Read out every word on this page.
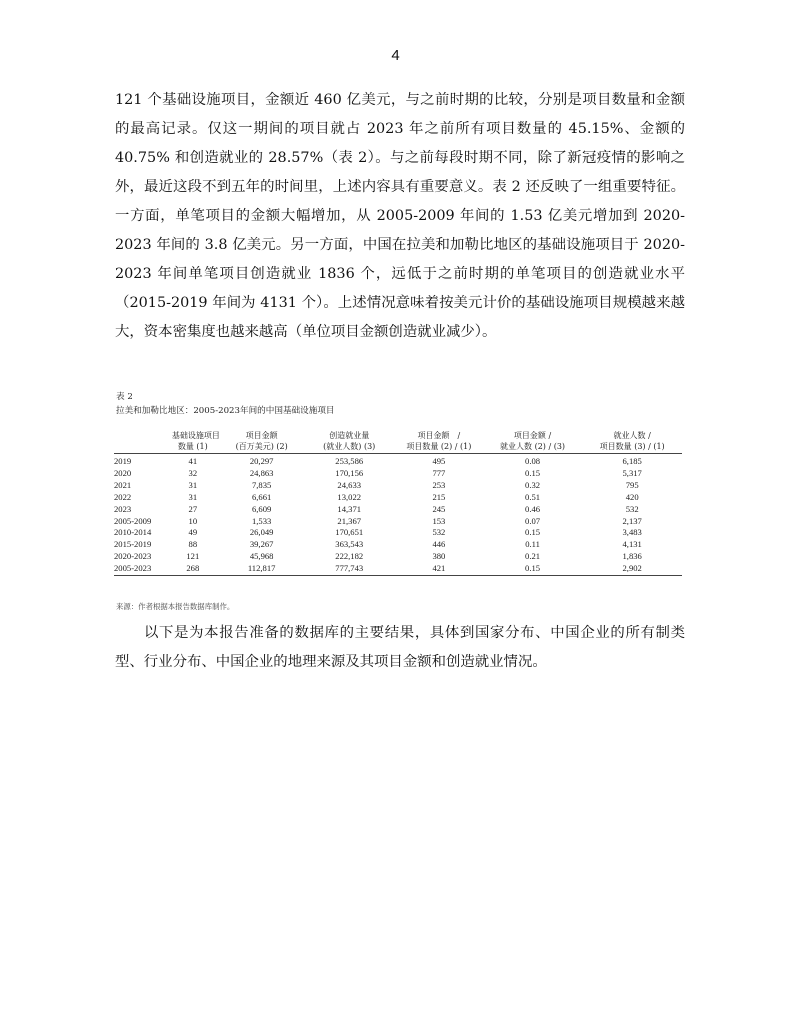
4

121 个基础设施项目，金额近 460 亿美元，与之前时期的比较，分别是项目数量和金额的最高记录。仅这一期间的项目就占 2023 年之前所有项目数量的 45.15%、金额的 40.75% 和创造就业的 28.57%（表 2）。与之前每段时期不同，除了新冠疫情的影响之外，最近这段不到五年的时间里，上述内容具有重要意义。表 2 还反映了一组重要特征。一方面，单笔项目的金额大幅增加，从 2005-2009 年间的 1.53 亿美元增加到 2020-2023 年间的 3.8 亿美元。另一方面，中国在拉美和加勒比地区的基础设施项目于 2020-2023 年间单笔项目创造就业 1836 个，远低于之前时期的单笔项目的创造就业水平（2015-2019 年间为 4131 个）。上述情况意味着按美元计价的基础设施项目规模越来越大，资本密集度也越来越高（单位项目金额创造就业减少）。

表 2
拉美和加勒比地区：2005-2023年间的中国基础设施项目
	基础设施项目	项目金额	创造就业量	项目金额　/	项目金额 /	就业人数 /
	数量 (1)	(百万美元) (2)	(就业人数) (3)	项目数量 (2) / (1)	就业人数 (2) / (3)	项目数量 (3) / (1)
2019	41	20,297	253,586	495	0.08	6,185
2020	32	24,863	170,156	777	0.15	5,317
2021	31	7,835	24,633	253	0.32	795
2022	31	6,661	13,022	215	0.51	420
2023	27	6,609	14,371	245	0.46	532
2005-2009	10	1,533	21,367	153	0.07	2,137
2010-2014	49	26,049	170,651	532	0.15	3,483
2015-2019	88	39,267	363,543	446	0.11	4,131
2020-2023	121	45,968	222,182	380	0.21	1,836
2005-2023	268	112,817	777,743	421	0.15	2,902
来源：作者根据本报告数据库制作。

以下是为本报告准备的数据库的主要结果，具体到国家分布、中国企业的所有制类型、行业分布、中国企业的地理来源及其项目金额和创造就业情况。
